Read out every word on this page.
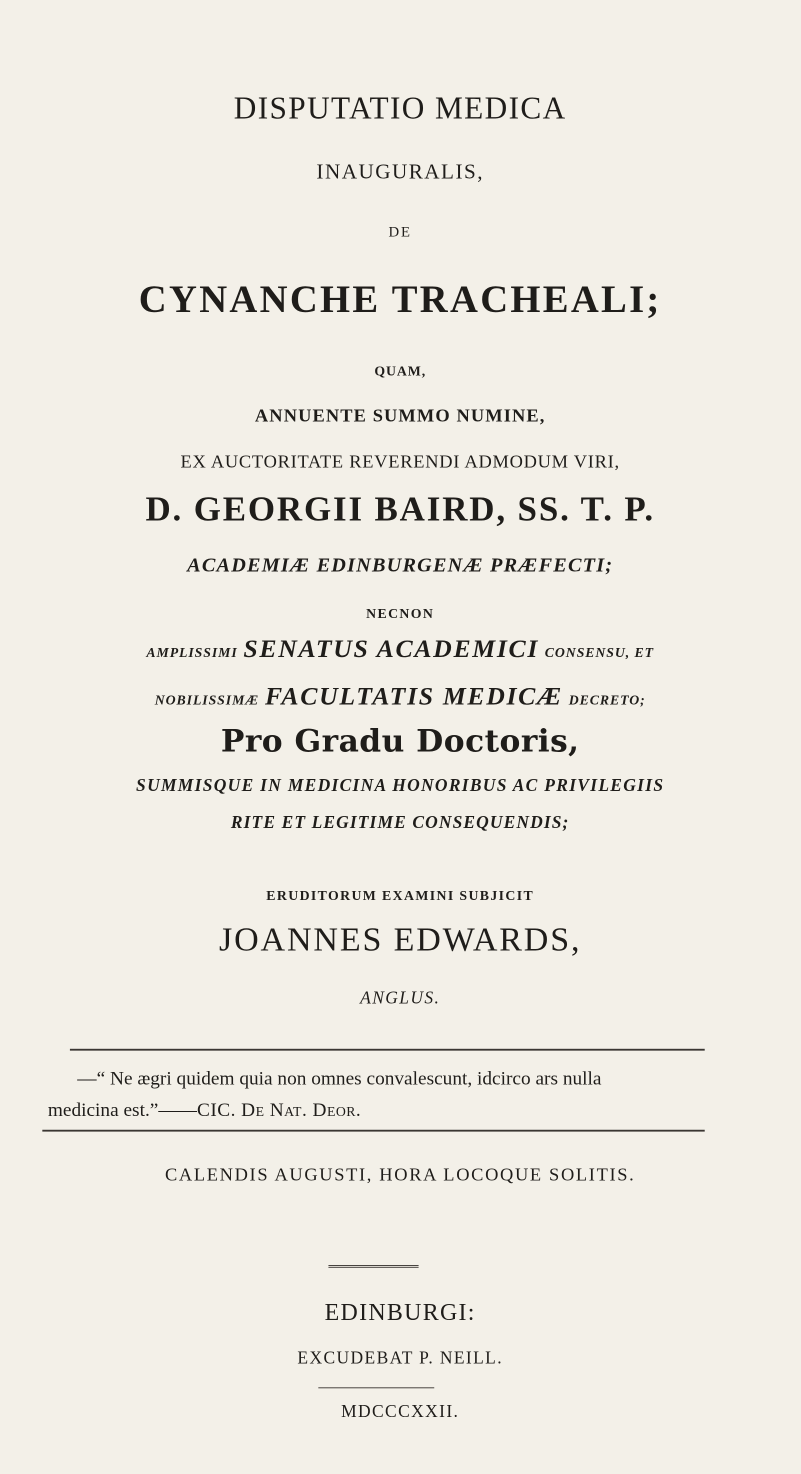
DISPUTATIO MEDICA
INAUGURALIS,
DE
CYNANCHE TRACHEALI;
QUAM,
ANNUENTE SUMMO NUMINE,
EX AUCTORITATE REVERENDI ADMODUM VIRI,
D. GEORGII BAIRD, SS. T. P.
ACADEMIÆ EDINBURGENÆ PRÆFECTI;
NECNON
AMPLISSIMI SENATUS ACADEMICI CONSENSU, ET
NOBILISSIMÆ FACULTATIS MEDICÆ DECRETO;
Pro Gradu Doctoris,
SUMMISQUE IN MEDICINA HONORIBUS AC PRIVILEGIIS
RITE ET LEGITIME CONSEQUENDIS;
ERUDITORUM EXAMINI SUBJICIT
JOANNES EDWARDS,
ANGLUS.
—“ Ne ægri quidem quia non omnes convalescunt, idcirco ars nulla
medicina est.”——CIC. De Nat. Deor.
CALENDIS AUGUSTI, HORA LOCOQUE SOLITIS.
EDINBURGI:
EXCUDEBAT P. NEILL.
MDCCCXXII.
